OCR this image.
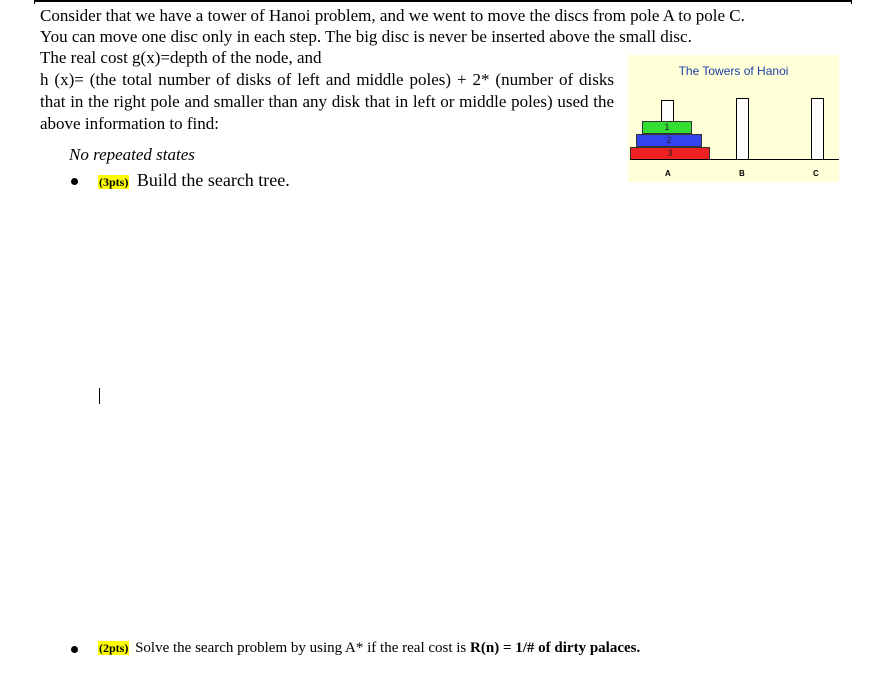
Consider that we have a tower of Hanoi problem, and we went to move the discs from pole A to pole C.
You can move one disc only in each step. The big disc is never be inserted above the small disc.
The real cost g(x)=depth of the node, and
h (x)= (the total number of disks of left and middle poles) + 2* (number of disks that in the right pole and smaller than any disk that in left or middle poles) used the above information to find:
No repeated states
(3pts) Build the search tree.
(2pts) Solve the search problem by using A* if the real cost is R(n) = 1/# of dirty palaces.
The Towers of Hanoi
1
2
3
A	B	C
